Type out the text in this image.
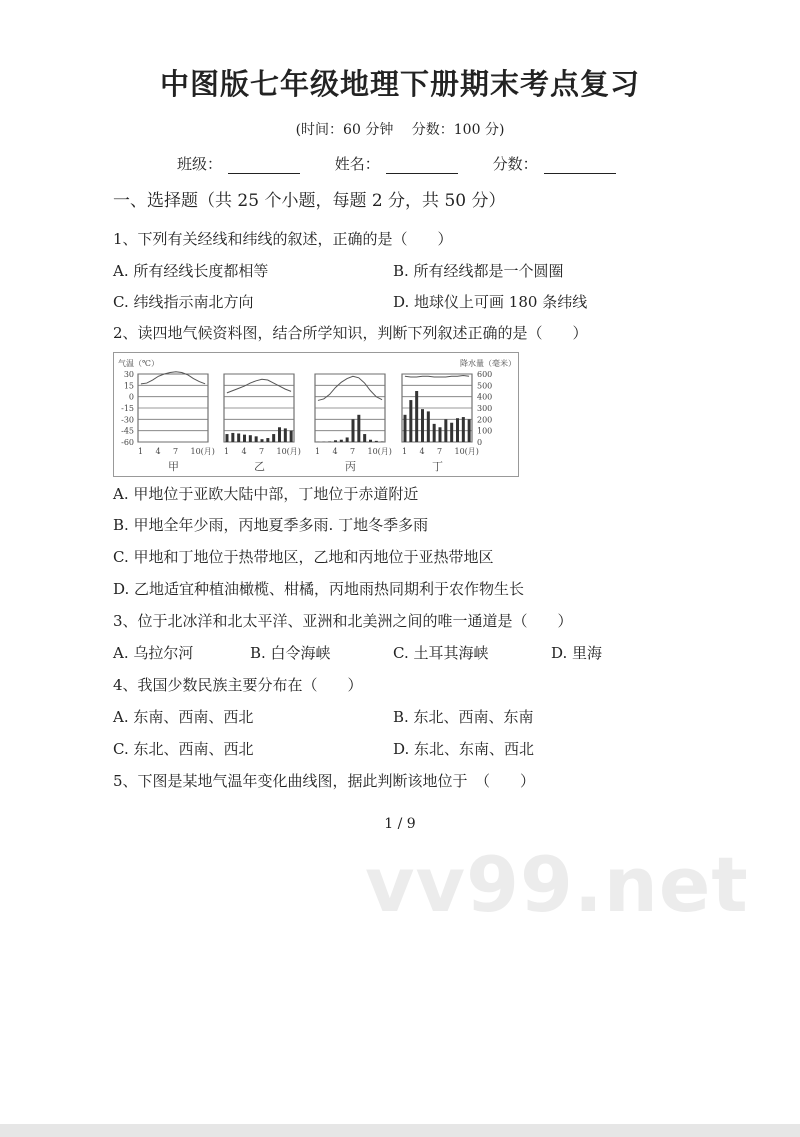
中图版七年级地理下册期末考点复习
(时间：60 分钟　 分数：100 分)
班级：	姓名：	分数：
一、选择题（共 25 个小题，每题 2 分，共 50 分）
1、下列有关经线和纬线的叙述，正确的是（　　）
A. 所有经线长度都相等	B. 所有经线都是一个圆圈
C. 纬线指示南北方向	D. 地球仪上可画 180 条纬线
2、读四地气候资料图，结合所学知识，判断下列叙述正确的是（　　）
气温（℃）	降水量（毫米）
30
15
0
-15
-30
-45
-60
600
500
400
300
200
100
0
1 4 7 10(月)
甲
1 4 7 10(月)
乙
1 4 7 10(月)
丙
1 4 7 10(月)
丁
A. 甲地位于亚欧大陆中部，丁地位于赤道附近
B. 甲地全年少雨，丙地夏季多雨. 丁地冬季多雨
C. 甲地和丁地位于热带地区，乙地和丙地位于亚热带地区
D. 乙地适宜种植油橄榄、柑橘，丙地雨热同期利于农作物生长
3、位于北冰洋和北太平洋、亚洲和北美洲之间的唯一通道是（　　）
A. 乌拉尔河	B. 白令海峡	C. 土耳其海峡	D. 里海
4、我国少数民族主要分布在（　　）
A. 东南、西南、西北	B. 东北、西南、东南
C. 东北、西南、西北	D. 东北、东南、西北
5、下图是某地气温年变化曲线图，据此判断该地位于　（　　）
1 / 9
vv99.net
